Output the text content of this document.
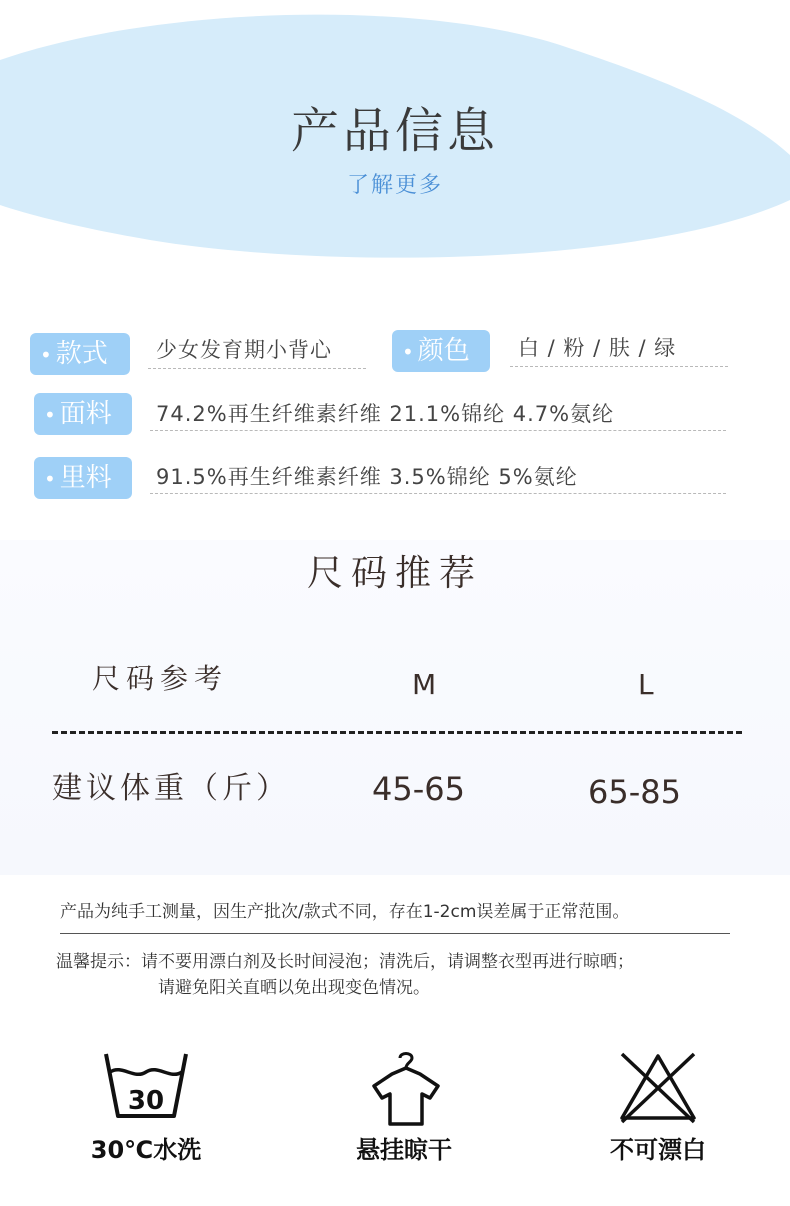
产品信息
了解更多
• 款式	少女发育期小背心	• 颜色	白 / 粉 / 肤 / 绿
• 面料	74.2%再生纤维素纤维 21.1%锦纶 4.7%氨纶
• 里料	91.5%再生纤维素纤维 3.5%锦纶 5%氨纶
尺码推荐
尺码参考	M	L
建议体重（斤）	45-65	65-85
产品为纯手工测量，因生产批次/款式不同，存在1-2cm误差属于正常范围。
温馨提示：请不要用漂白剂及长时间浸泡；清洗后，请调整衣型再进行晾晒；
请避免阳关直晒以免出现变色情况。
30
30℃水洗	悬挂晾干	不可漂白
